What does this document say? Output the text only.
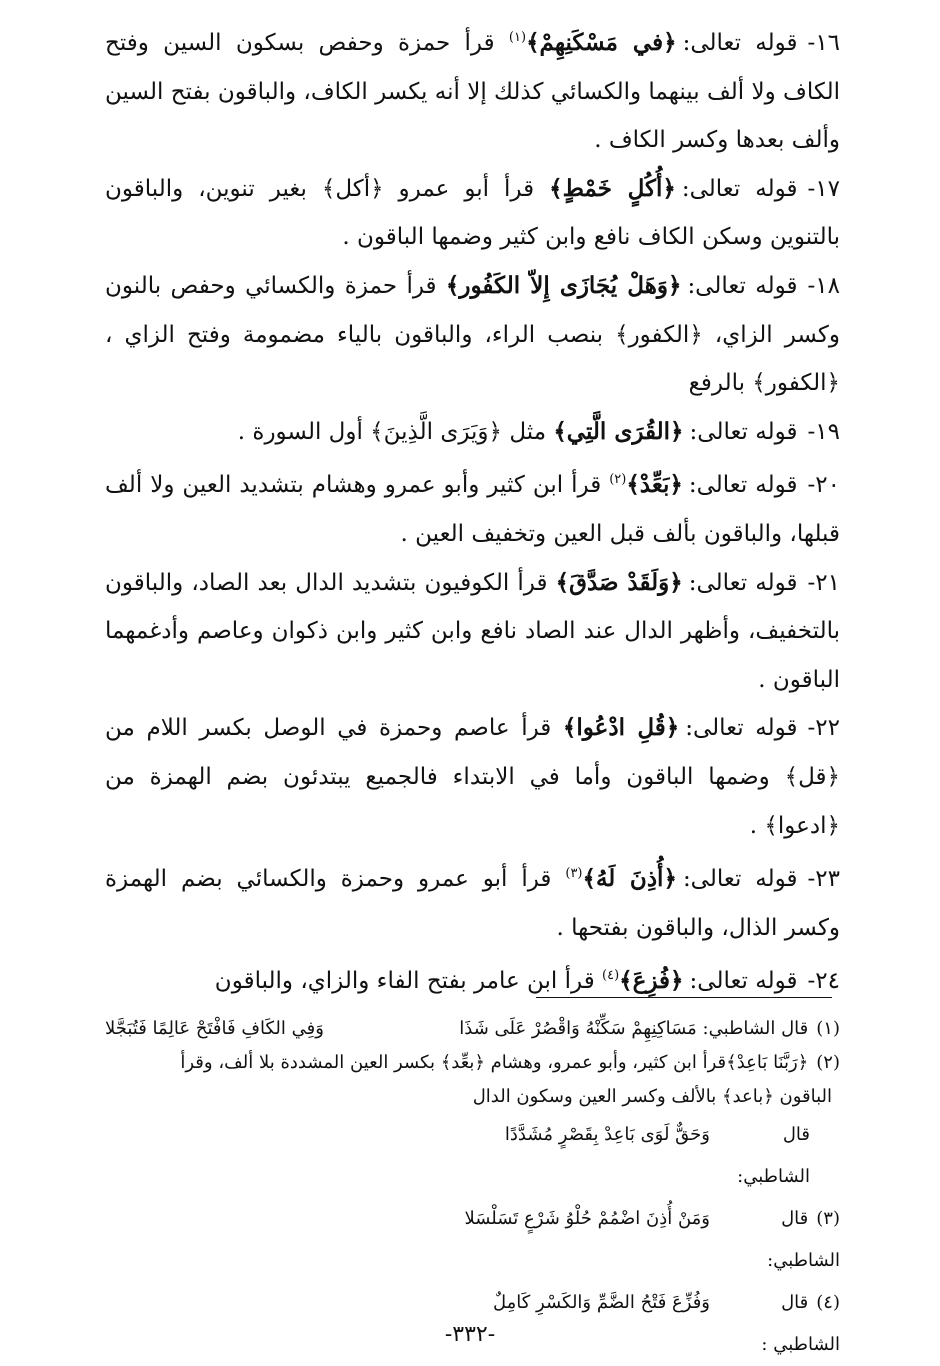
١٦-قوله تعالى:﴿في مَسْكَنِهِمْ﴾$^{(١)}$ قرأ حمزة وحفص بسكون السين وفتح الكاف ولا ألف بينهما والكسائي كذلك إلا أنه يكسر الكاف، والباقون بفتح السين وألف بعدها وكسر الكاف .

١٧-قوله تعالى:﴿أُكُلٍ خَمْطٍ﴾ قرأ أبو عمرو ﴿أكل﴾ بغير تنوين، والباقون بالتنوين وسكن الكاف نافع وابن كثير وضمها الباقون .

١٨-قوله تعالى:﴿وَهَلْ يُجَازَى إِلاّ الكَفُور﴾ قرأ حمزة والكسائي وحفص بالنون وكسر الزاي، ﴿الكفور﴾ بنصب الراء، والباقون بالياء مضمومة وفتح الزاي ، ﴿الكفور﴾ بالرفع

١٩-قوله تعالى:﴿القُرَى الَّتِي﴾ مثل ﴿وَيَرَى الَّذِينَ﴾ أول السورة .

٢٠-قوله تعالى:﴿بَعِّدْ﴾$^{(٢)}$ قرأ ابن كثير وأبو عمرو وهشام بتشديد العين ولا ألف قبلها، والباقون بألف قبل العين وتخفيف العين .

٢١-قوله تعالى:﴿وَلَقَدْ صَدَّقَ﴾ قرأ الكوفيون بتشديد الدال بعد الصاد، والباقون بالتخفيف، وأظهر الدال عند الصاد نافع وابن كثير وابن ذكوان وعاصم وأدغمهما الباقون .

٢٢-قوله تعالى:﴿قُلِ ادْعُوا﴾ قرأ عاصم وحمزة في الوصل بكسر اللام من ﴿قل﴾ وضمها الباقون وأما في الابتداء فالجميع يبتدئون بضم الهمزة من ﴿ادعوا﴾ .

٢٣-قوله تعالى:﴿أُذِنَ لَهُ﴾$^{(٣)}$ قرأ أبو عمرو وحمزة والكسائي بضم الهمزة وكسر الذال، والباقون بفتحها .

٢٤-قوله تعالى:﴿فُزِعَ﴾$^{(٤)}$ قرأ ابن عامر بفتح الفاء والزاي، والباقون

(١)قال الشاطبي: مَسَاكِنِهِمْ سَكِّنْهُ وَاقْصُرْ عَلَى شَذَا
وَفِي الكَافِ فَافْتَحْ عَالِمًا فَتُبَجَّلا
(٢)﴿رَبَّنَا بَاعِدْ﴾قرأ ابن كثير، وأبو عمرو، وهشام ﴿بعِّد﴾ بكسر العين المشددة بلا ألف، وقرأ
الباقون ﴿باعد﴾ بالألف وكسر العين وسكون الدال
قال الشاطبي:
وَحَقٌّ لَوَى بَاعِدْ بِقَصْرٍ مُشَدَّدًا
(٣)قال الشاطبي:
وَمَنْ أُذِنَ اضْمُمْ حُلْوُ شَرْعٍ تَسَلْسَلا
(٤)قال الشاطبي :
وَفُزِّعَ فَتْحُ الضَّمِّ وَالكَسْرِ كَامِلٌ
-٣٣٢-
